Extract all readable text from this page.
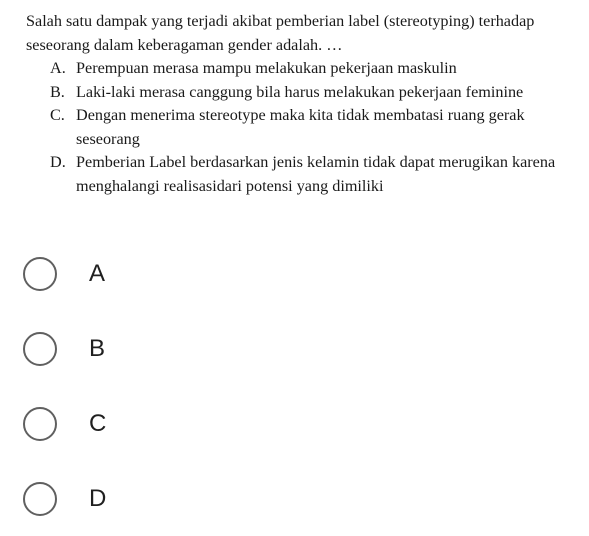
Salah satu dampak yang terjadi akibat pemberian label (stereotyping) terhadap seseorang dalam keberagaman gender adalah. …

A. Perempuan merasa mampu melakukan pekerjaan maskulin
B. Laki-laki merasa canggung bila harus melakukan pekerjaan feminine
C. Dengan menerima stereotype maka kita tidak membatasi ruang gerak seseorang
D. Pemberian Label berdasarkan jenis kelamin tidak dapat merugikan karena menghalangi realisasidari potensi yang dimiliki
A
B
C
D
